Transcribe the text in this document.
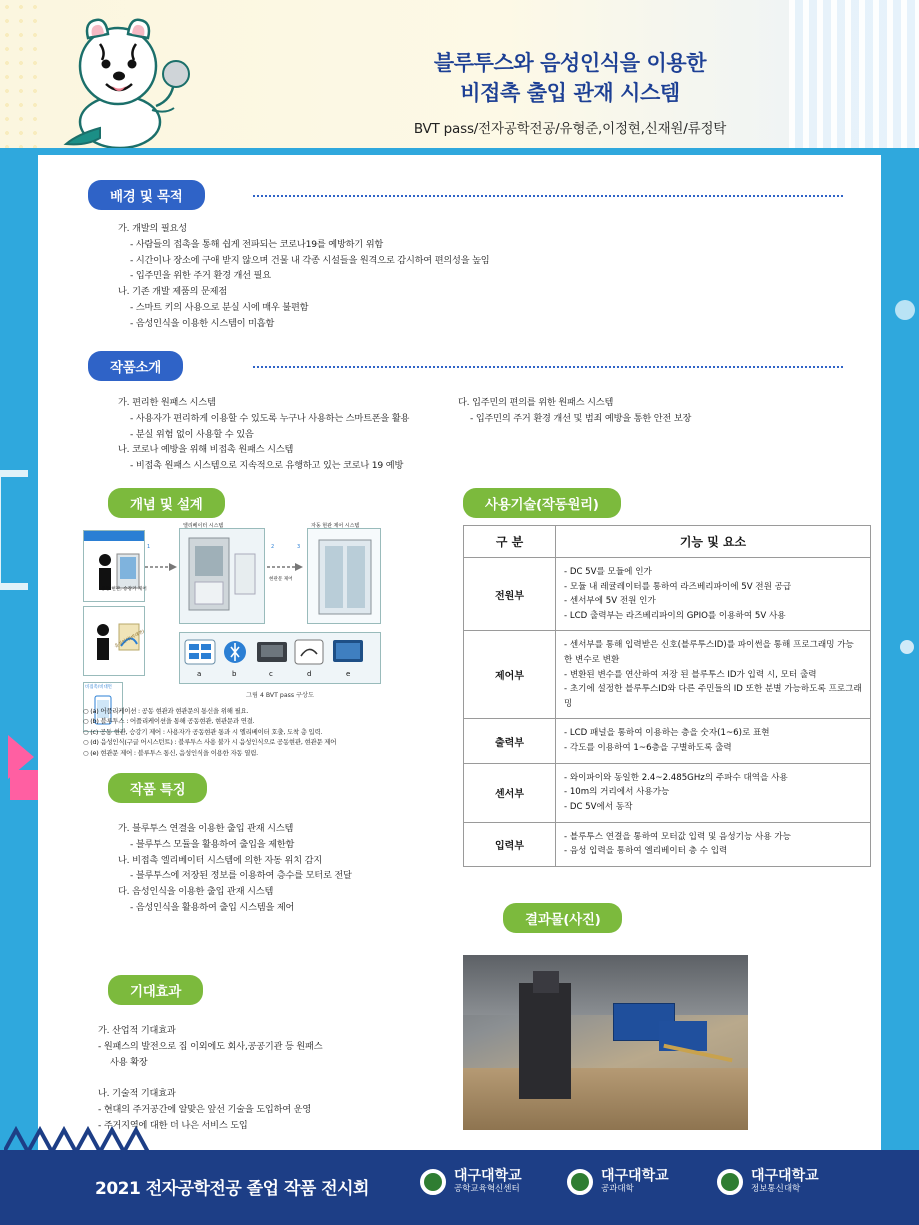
블루투스와 음성인식을 이용한
비접촉 출입 관재 시스템
BVT pass/전자공학전공/유형준,이정현,신재원/류정탁
배경 및 목적
가. 개발의 필요성
- 사람들의 접촉을 통해 쉽게 전파되는 코로나19를 예방하기 위함
- 시간이나 장소에 구애 받지 않으며 건물 내 각종 시설들을 원격으로 감시하여 편의성을 높임
- 입주민을 위한 주거 환경 개선 필요
나. 기존 개발 제품의 문제점
- 스마트 키의 사용으로 분실 시에 매우 불편함
- 음성인식을 이용한 시스템이 미흡함
작품소개
가. 편리한 원패스 시스템
- 사용자가 편리하게 이용할 수 있도록 누구나 사용하는 스마트폰을 활용
- 분실 위험 없이 사용할 수 있음
나. 코로나 예방을 위해 비접촉 원패스 시스템
- 비접촉 원패스 시스템으로 지속적으로 유행하고 있는 코로나 19 예방
다. 입주민의 편의를 위한 원패스 시스템
- 입주민의 주거 환경 개선 및 범죄 예방을 통한 안전 보장
개념 및 설계
블루투스
음성인식(비대면)
비접촉/비대면
1
엘리베이터 시스템
공동 현관, 승강기 제어
현관문 제어
2
자동 현관 제어 시스템
3
a	b	c	d	e
그림 4 BVT pass 구상도
○ (a) 어플리케이션 : 공동 현관과 현관문의 통신을 위해 필요.
○ (b) 블루투스 : 어플리케이션을 통해 공동현관, 현관문과 연결.
○ (c) 공동 현관, 승강기 제어 : 사용자가 공동현관 통과 시 엘리베이터 호출, 도착 층 입력.
○ (d) 음성인식(구글 어시스턴트) : 블루투스 사용 불가 시 음성인식으로 공동현관, 현관문 제어
○ (e) 현관문 제어 : 블루투스 통신, 음성인식을 이용한 자동 열림.
작품 특징
가. 블루투스 연결을 이용한 출입 관재 시스템
- 블루투스 모듈을 활용하여 출입을 제한함
나. 비접촉 엘리베이터 시스템에 의한 자동 위치 감지
- 블루투스에 저장된 정보를 이용하여 층수를 모터로 전달
다. 음성인식을 이용한 출입 관재 시스템
- 음성인식을 활용하여 출입 시스템을 제어
기대효과
가. 산업적 기대효과
- 원패스의 발전으로 집 이외에도 회사,공공기관 등 원패스
사용 확장

나. 기술적 기대효과
- 현대의 주거공간에 알맞은 앞선 기술을 도입하여 운영
- 주거지역에 대한 더 나은 서비스 도입

사용기술(작동원리)
구 분	기능 및 요소
전원부	- DC 5V를 모듈에 인가
- 모듈 내 레귤레이터를 통하여 라즈베리파이에 5V 전원 공급
- 센서부에 5V 전원 인가
- LCD 출력부는 라즈베리파이의 GPIO를 이용하여 5V 사용

제어부	- 센서부를 통해 입력받은 신호(블루투스ID)를 파이썬을 통해 프로그래밍 가능한 변수로 변환
- 변환된 변수를 연산하여 저장 된 블루투스 ID가 입력 시, 모터 출력
- 초기에 설정한 블루투스ID와 다른 주민들의 ID 또한 분별 가능하도록 프로그래밍

출력부	- LCD 패널을 통하여 이용하는 층을 숫자(1~6)로 표현
- 각도를 이용하여 1~6층을 구별하도록 출력

센서부	- 와이파이와 동일한 2.4~2.485GHz의 주파수 대역을 사용
- 10m의 거리에서 사용가능
- DC 5V에서 동작

입력부	- 블루투스 연결을 통하여 모터값 입력 및 음성기능 사용 가능
- 음성 입력을 통하여 엘리베이터 층 수 입력
결과물(사진)
2021 전자공학전공 졸업 작품 전시회
대구대학교
공학교육혁신센터
대구대학교
공과대학
대구대학교
정보통신대학
